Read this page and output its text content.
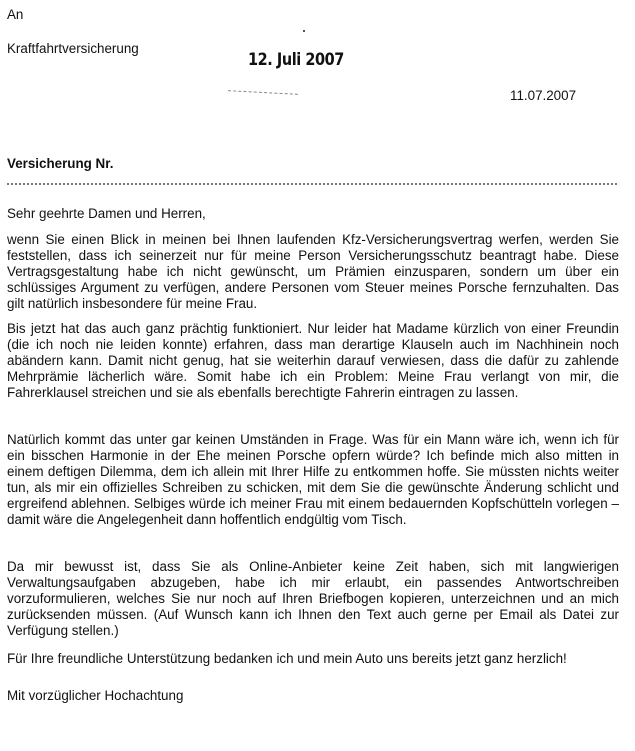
An
Kraftfahrtversicherung
12. Juli 2007
11.07.2007
Versicherung Nr.
Sehr geehrte Damen und Herren,
wenn Sie einen Blick in meinen bei Ihnen laufenden Kfz-Versicherungsvertrag werfen, werden Sie feststellen, dass ich seinerzeit nur für meine Person Versicherungsschutz beantragt habe. Diese Vertragsgestaltung habe ich nicht gewünscht, um Prämien einzusparen, sondern um über ein schlüssiges Argument zu verfügen, andere Personen vom Steuer meines Porsche fernzuhalten. Das gilt natürlich insbesondere für meine Frau.
Bis jetzt hat das auch ganz prächtig funktioniert. Nur leider hat Madame kürzlich von einer Freundin (die ich noch nie leiden konnte) erfahren, dass man derartige Klauseln auch im Nachhinein noch abändern kann. Damit nicht genug, hat sie weiterhin darauf verwiesen, dass die dafür zu zahlende Mehrprämie lächerlich wäre. Somit habe ich ein Problem: Meine Frau verlangt von mir, die Fahrerklausel streichen und sie als ebenfalls berechtigte Fahrerin eintragen zu lassen.
Natürlich kommt das unter gar keinen Umständen in Frage. Was für ein Mann wäre ich, wenn ich für ein bisschen Harmonie in der Ehe meinen Porsche opfern würde? Ich befinde mich also mitten in einem deftigen Dilemma, dem ich allein mit Ihrer Hilfe zu entkommen hoffe. Sie müssten nichts weiter tun, als mir ein offizielles Schreiben zu schicken, mit dem Sie die gewünschte Änderung schlicht und ergreifend ablehnen. Selbiges würde ich meiner Frau mit einem bedauernden Kopfschütteln vorlegen – damit wäre die Angelegenheit dann hoffentlich endgültig vom Tisch.
Da mir bewusst ist, dass Sie als Online-Anbieter keine Zeit haben, sich mit langwierigen Verwaltungsaufgaben abzugeben, habe ich mir erlaubt, ein passendes Antwortschreiben vorzuformulieren, welches Sie nur noch auf Ihren Briefbogen kopieren, unterzeichnen und an mich zurücksenden müssen. (Auf Wunsch kann ich Ihnen den Text auch gerne per Email als Datei zur Verfügung stellen.)
Für Ihre freundliche Unterstützung bedanken ich und mein Auto uns bereits jetzt ganz herzlich!
Mit vorzüglicher Hochachtung
